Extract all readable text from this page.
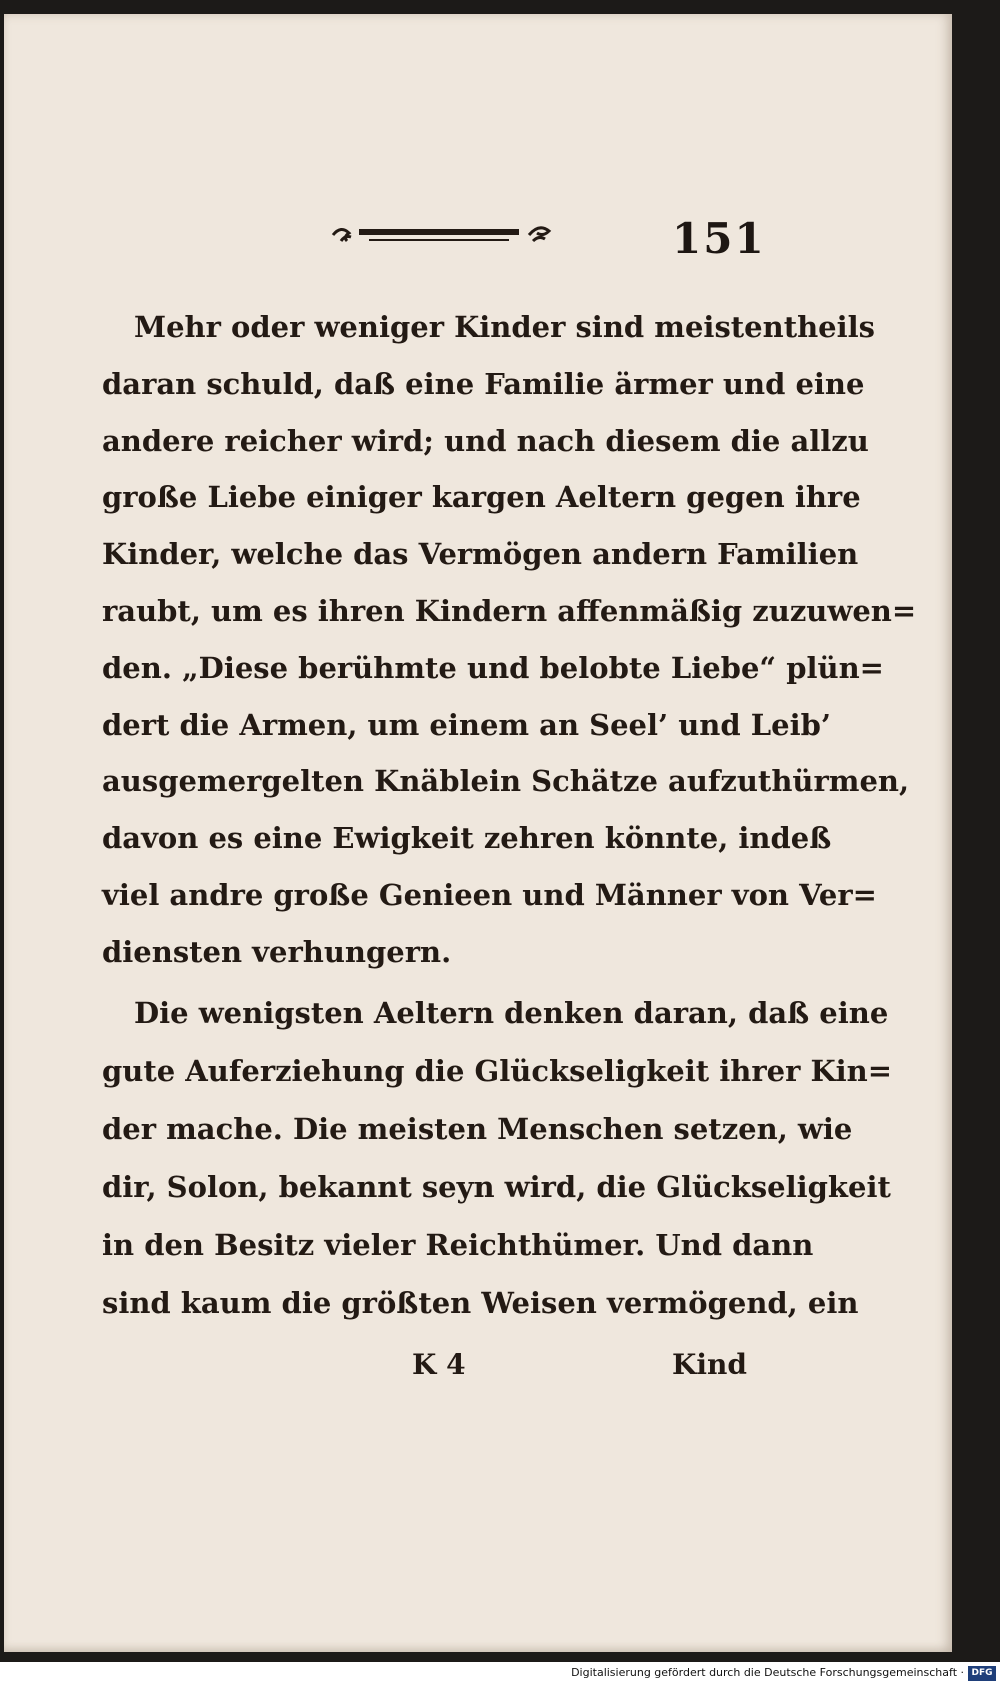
151
Mehr oder weniger Kinder sind meistentheils
daran schuld, daß eine Familie ärmer und eine
andere reicher wird; und nach diesem die allzu
große Liebe einiger kargen Aeltern gegen ihre
Kinder, welche das Vermögen andern Familien
raubt, um es ihren Kindern affenmäßig zuzuwen=
den. „Diese berühmte und belobte Liebe“ plün=
dert die Armen, um einem an Seel’ und Leib’
ausgemergelten Knäblein Schätze aufzuthürmen,
davon es eine Ewigkeit zehren könnte, indeß
viel andre große Genieen und Männer von Ver=
diensten verhungern.
Die wenigsten Aeltern denken daran, daß eine
gute Auferziehung die Glückseligkeit ihrer Kin=
der mache. Die meisten Menschen setzen, wie
dir, Solon, bekannt seyn wird, die Glückseligkeit
in den Besitz vieler Reichthümer. Und dann
sind kaum die größten Weisen vermögend, ein
K 4	Kind
Digitalisierung gefördert durch die Deutsche Forschungsgemeinschaft · DFG
